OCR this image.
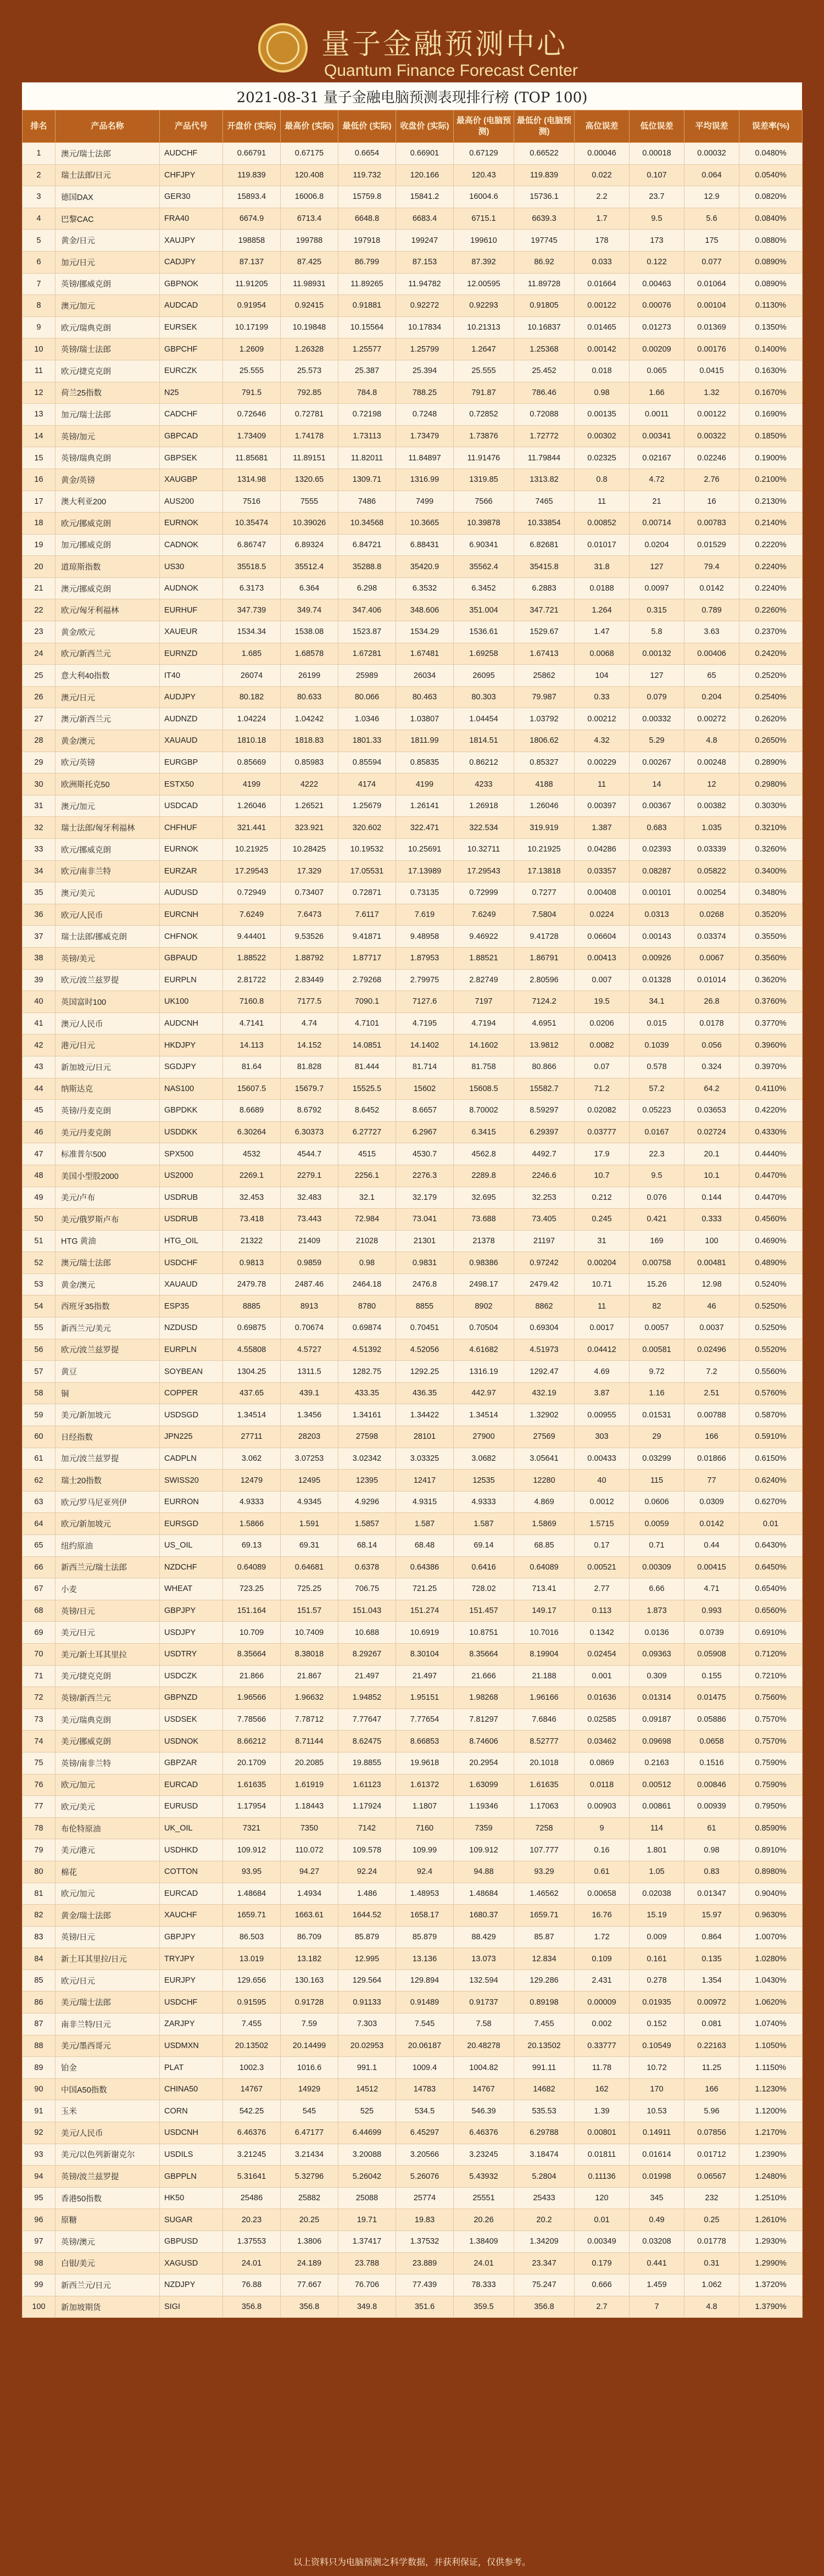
量子金融预测中心
Quantum Finance Forecast Center
2021-08-31 量子金融电脑预测表现排行榜 (TOP 100)
排名	产品名称	产品代号	开盘价 (实际)	最高价 (实际)	最低价 (实际)	收盘价 (实际)	最高价 (电脑预测)	最低价 (电脑预测)	高位误差	低位误差	平均误差	误差率(%)	
1	澳元/瑞士法郎	AUDCHF	0.66791	0.67175	0.6654	0.66901	0.67129	0.66522	0.00046	0.00018	0.00032	0.0480%	
2	瑞士法郎/日元	CHFJPY	119.839	120.408	119.732	120.166	120.43	119.839	0.022	0.107	0.064	0.0540%	
3	德国DAX	GER30	15893.4	16006.8	15759.8	15841.2	16004.6	15736.1	2.2	23.7	12.9	0.0820%	
4	巴黎CAC	FRA40	6674.9	6713.4	6648.8	6683.4	6715.1	6639.3	1.7	9.5	5.6	0.0840%	
5	黄金/日元	XAUJPY	198858	199788	197918	199247	199610	197745	178	173	175	0.0880%	
6	加元/日元	CADJPY	87.137	87.425	86.799	87.153	87.392	86.92	0.033	0.122	0.077	0.0890%	
7	英镑/挪威克朗	GBPNOK	11.91205	11.98931	11.89265	11.94782	12.00595	11.89728	0.01664	0.00463	0.01064	0.0890%	
8	澳元/加元	AUDCAD	0.91954	0.92415	0.91881	0.92272	0.92293	0.91805	0.00122	0.00076	0.00104	0.1130%	
9	欧元/瑞典克朗	EURSEK	10.17199	10.19848	10.15564	10.17834	10.21313	10.16837	0.01465	0.01273	0.01369	0.1350%	
10	英镑/瑞士法郎	GBPCHF	1.2609	1.26328	1.25577	1.25799	1.2647	1.25368	0.00142	0.00209	0.00176	0.1400%	
11	欧元/捷克克朗	EURCZK	25.555	25.573	25.387	25.394	25.555	25.452	0.018	0.065	0.0415	0.1630%	
12	荷兰25指数	N25	791.5	792.85	784.8	788.25	791.87	786.46	0.98	1.66	1.32	0.1670%	
13	加元/瑞士法郎	CADCHF	0.72646	0.72781	0.72198	0.7248	0.72852	0.72088	0.00135	0.0011	0.00122	0.1690%	
14	英镑/加元	GBPCAD	1.73409	1.74178	1.73113	1.73479	1.73876	1.72772	0.00302	0.00341	0.00322	0.1850%	
15	英镑/瑞典克朗	GBPSEK	11.85681	11.89151	11.82011	11.84897	11.91476	11.79844	0.02325	0.02167	0.02246	0.1900%	
16	黄金/英镑	XAUGBP	1314.98	1320.65	1309.71	1316.99	1319.85	1313.82	0.8	4.72	2.76	0.2100%	
17	澳大利亚200	AUS200	7516	7555	7486	7499	7566	7465	11	21	16	0.2130%	
18	欧元/挪威克朗	EURNOK	10.35474	10.39026	10.34568	10.3665	10.39878	10.33854	0.00852	0.00714	0.00783	0.2140%	
19	加元/挪威克朗	CADNOK	6.86747	6.89324	6.84721	6.88431	6.90341	6.82681	0.01017	0.0204	0.01529	0.2220%	
20	道琼斯指数	US30	35518.5	35512.4	35288.8	35420.9	35562.4	35415.8	31.8	127	79.4	0.2240%	
21	澳元/挪威克朗	AUDNOK	6.3173	6.364	6.298	6.3532	6.3452	6.2883	0.0188	0.0097	0.0142	0.2240%	
22	欧元/匈牙利福林	EURHUF	347.739	349.74	347.406	348.606	351.004	347.721	1.264	0.315	0.789	0.2260%	
23	黄金/欧元	XAUEUR	1534.34	1538.08	1523.87	1534.29	1536.61	1529.67	1.47	5.8	3.63	0.2370%	
24	欧元/新西兰元	EURNZD	1.685	1.68578	1.67281	1.67481	1.69258	1.67413	0.0068	0.00132	0.00406	0.2420%	
25	意大利40指数	IT40	26074	26199	25989	26034	26095	25862	104	127	65	0.2520%	
26	澳元/日元	AUDJPY	80.182	80.633	80.066	80.463	80.303	79.987	0.33	0.079	0.204	0.2540%	
27	澳元/新西兰元	AUDNZD	1.04224	1.04242	1.0346	1.03807	1.04454	1.03792	0.00212	0.00332	0.00272	0.2620%	
28	黄金/澳元	XAUAUD	1810.18	1818.83	1801.33	1811.99	1814.51	1806.62	4.32	5.29	4.8	0.2650%	
29	欧元/英镑	EURGBP	0.85669	0.85983	0.85594	0.85835	0.86212	0.85327	0.00229	0.00267	0.00248	0.2890%	
30	欧洲斯托克50	ESTX50	4199	4222	4174	4199	4233	4188	11	14	12	0.2980%	
31	澳元/加元	USDCAD	1.26046	1.26521	1.25679	1.26141	1.26918	1.26046	0.00397	0.00367	0.00382	0.3030%	
32	瑞士法郎/匈牙利福林	CHFHUF	321.441	323.921	320.602	322.471	322.534	319.919	1.387	0.683	1.035	0.3210%	
33	欧元/挪威克朗	EURNOK	10.21925	10.28425	10.19532	10.25691	10.32711	10.21925	0.04286	0.02393	0.03339	0.3260%	
34	欧元/南非兰特	EURZAR	17.29543	17.329	17.05531	17.13989	17.29543	17.13818	0.03357	0.08287	0.05822	0.3400%	
35	澳元/美元	AUDUSD	0.72949	0.73407	0.72871	0.73135	0.72999	0.7277	0.00408	0.00101	0.00254	0.3480%	
36	欧元/人民币	EURCNH	7.6249	7.6473	7.6117	7.619	7.6249	7.5804	0.0224	0.0313	0.0268	0.3520%	
37	瑞士法郎/挪威克朗	CHFNOK	9.44401	9.53526	9.41871	9.48958	9.46922	9.41728	0.06604	0.00143	0.03374	0.3550%	
38	英镑/美元	GBPAUD	1.88522	1.88792	1.87717	1.87953	1.88521	1.86791	0.00413	0.00926	0.0067	0.3560%	
39	欧元/波兰兹罗提	EURPLN	2.81722	2.83449	2.79268	2.79975	2.82749	2.80596	0.007	0.01328	0.01014	0.3620%	
40	英国富时100	UK100	7160.8	7177.5	7090.1	7127.6	7197	7124.2	19.5	34.1	26.8	0.3760%	
41	澳元/人民币	AUDCNH	4.7141	4.74	4.7101	4.7195	4.7194	4.6951	0.0206	0.015	0.0178	0.3770%	
42	港元/日元	HKDJPY	14.113	14.152	14.0851	14.1402	14.1602	13.9812	0.0082	0.1039	0.056	0.3960%	
43	新加坡元/日元	SGDJPY	81.64	81.828	81.444	81.714	81.758	80.866	0.07	0.578	0.324	0.3970%	
44	纳斯达克	NAS100	15607.5	15679.7	15525.5	15602	15608.5	15582.7	71.2	57.2	64.2	0.4110%	
45	英镑/丹麦克朗	GBPDKK	8.6689	8.6792	8.6452	8.6657	8.70002	8.59297	0.02082	0.05223	0.03653	0.4220%	
46	美元/丹麦克朗	USDDKK	6.30264	6.30373	6.27727	6.2967	6.3415	6.29397	0.03777	0.0167	0.02724	0.4330%	
47	标准普尔500	SPX500	4532	4544.7	4515	4530.7	4562.8	4492.7	17.9	22.3	20.1	0.4440%	
48	美国小型股2000	US2000	2269.1	2279.1	2256.1	2276.3	2289.8	2246.6	10.7	9.5	10.1	0.4470%	
49	美元/卢布	USDRUB	32.453	32.483	32.1	32.179	32.695	32.253	0.212	0.076	0.144	0.4470%	
50	美元/俄罗斯卢布	USDRUB	73.418	73.443	72.984	73.041	73.688	73.405	0.245	0.421	0.333	0.4560%	
51	HTG 黄油	HTG_OIL	21322	21409	21028	21301	21378	21197	31	169	100	0.4690%	
52	澳元/瑞士法郎	USDCHF	0.9813	0.9859	0.98	0.9831	0.98386	0.97242	0.00204	0.00758	0.00481	0.4890%	
53	黄金/澳元	XAUAUD	2479.78	2487.46	2464.18	2476.8	2498.17	2479.42	10.71	15.26	12.98	0.5240%	
54	西班牙35指数	ESP35	8885	8913	8780	8855	8902	8862	11	82	46	0.5250%	
55	新西兰元/美元	NZDUSD	0.69875	0.70674	0.69874	0.70451	0.70504	0.69304	0.0017	0.0057	0.0037	0.5250%	
56	欧元/波兰兹罗提	EURPLN	4.55808	4.5727	4.51392	4.52056	4.61682	4.51973	0.04412	0.00581	0.02496	0.5520%	
57	黄豆	SOYBEAN	1304.25	1311.5	1282.75	1292.25	1316.19	1292.47	4.69	9.72	7.2	0.5560%	
58	铜	COPPER	437.65	439.1	433.35	436.35	442.97	432.19	3.87	1.16	2.51	0.5760%	
59	美元/新加坡元	USDSGD	1.34514	1.3456	1.34161	1.34422	1.34514	1.32902	0.00955	0.01531	0.00788	0.5870%	
60	日经指数	JPN225	27711	28203	27598	28101	27900	27569	303	29	166	0.5910%	
61	加元/波兰兹罗提	CADPLN	3.062	3.07253	3.02342	3.03325	3.0682	3.05641	0.00433	0.03299	0.01866	0.6150%	
62	瑞士20指数	SWISS20	12479	12495	12395	12417	12535	12280	40	115	77	0.6240%	
63	欧元/罗马尼亚列伊	EURRON	4.9333	4.9345	4.9296	4.9315	4.9333	4.869	0.0012	0.0606	0.0309	0.6270%	
64	欧元/新加坡元	EURSGD	1.5866	1.591	1.5857	1.587	1.587	1.5869	1.5715	0.0059	0.0142	0.01	
65	纽约原油	US_OIL	69.13	69.31	68.14	68.48	69.14	68.85	0.17	0.71	0.44	0.6430%	
66	新西兰元/瑞士法郎	NZDCHF	0.64089	0.64681	0.6378	0.64386	0.6416	0.64089	0.00521	0.00309	0.00415	0.6450%	
67	小麦	WHEAT	723.25	725.25	706.75	721.25	728.02	713.41	2.77	6.66	4.71	0.6540%	
68	英镑/日元	GBPJPY	151.164	151.57	151.043	151.274	151.457	149.17	0.113	1.873	0.993	0.6560%	
69	美元/日元	USDJPY	10.709	10.7409	10.688	10.6919	10.8751	10.7016	0.1342	0.0136	0.0739	0.6910%	
70	美元/新土耳其里拉	USDTRY	8.35664	8.38018	8.29267	8.30104	8.35664	8.19904	0.02454	0.09363	0.05908	0.7120%	
71	美元/捷克克朗	USDCZK	21.866	21.867	21.497	21.497	21.666	21.188	0.001	0.309	0.155	0.7210%	
72	英镑/新西兰元	GBPNZD	1.96566	1.96632	1.94852	1.95151	1.98268	1.96166	0.01636	0.01314	0.01475	0.7560%	
73	美元/瑞典克朗	USDSEK	7.78566	7.78712	7.77647	7.77654	7.81297	7.6846	0.02585	0.09187	0.05886	0.7570%	
74	美元/挪威克朗	USDNOK	8.66212	8.71144	8.62475	8.66853	8.74606	8.52777	0.03462	0.09698	0.0658	0.7570%	
75	英镑/南非兰特	GBPZAR	20.1709	20.2085	19.8855	19.9618	20.2954	20.1018	0.0869	0.2163	0.1516	0.7590%	
76	欧元/加元	EURCAD	1.61635	1.61919	1.61123	1.61372	1.63099	1.61635	0.0118	0.00512	0.00846	0.7590%	
77	欧元/美元	EURUSD	1.17954	1.18443	1.17924	1.1807	1.19346	1.17063	0.00903	0.00861	0.00939	0.7950%	
78	布伦特原油	UK_OIL	7321	7350	7142	7160	7359	7258	9	114	61	0.8590%	
79	美元/港元	USDHKD	109.912	110.072	109.578	109.99	109.912	107.777	0.16	1.801	0.98	0.8910%	
80	棉花	COTTON	93.95	94.27	92.24	92.4	94.88	93.29	0.61	1.05	0.83	0.8980%	
81	欧元/加元	EURCAD	1.48684	1.4934	1.486	1.48953	1.48684	1.46562	0.00658	0.02038	0.01347	0.9040%	
82	黄金/瑞士法郎	XAUCHF	1659.71	1663.61	1644.52	1658.17	1680.37	1659.71	16.76	15.19	15.97	0.9630%	
83	英镑/日元	GBPJPY	86.503	86.709	85.879	85.879	88.429	85.87	1.72	0.009	0.864	1.0070%	
84	新土耳其里拉/日元	TRYJPY	13.019	13.182	12.995	13.136	13.073	12.834	0.109	0.161	0.135	1.0280%	
85	欧元/日元	EURJPY	129.656	130.163	129.564	129.894	132.594	129.286	2.431	0.278	1.354	1.0430%	
86	美元/瑞士法郎	USDCHF	0.91595	0.91728	0.91133	0.91489	0.91737	0.89198	0.00009	0.01935	0.00972	1.0620%	
87	南非兰特/日元	ZARJPY	7.455	7.59	7.303	7.545	7.58	7.455	0.002	0.152	0.081	1.0740%	
88	美元/墨西哥元	USDMXN	20.13502	20.14499	20.02953	20.06187	20.48278	20.13502	0.33777	0.10549	0.22163	1.1050%	
89	铂金	PLAT	1002.3	1016.6	991.1	1009.4	1004.82	991.11	11.78	10.72	11.25	1.1150%	
90	中国A50指数	CHINA50	14767	14929	14512	14783	14767	14682	162	170	166	1.1230%	
91	玉米	CORN	542.25	545	525	534.5	546.39	535.53	1.39	10.53	5.96	1.1200%	
92	美元/人民币	USDCNH	6.46376	6.47177	6.44699	6.45297	6.46376	6.29788	0.00801	0.14911	0.07856	1.2170%	
93	美元/以色列新谢克尔	USDILS	3.21245	3.21434	3.20088	3.20566	3.23245	3.18474	0.01811	0.01614	0.01712	1.2390%	
94	英镑/波兰兹罗提	GBPPLN	5.31641	5.32796	5.26042	5.26076	5.43932	5.2804	0.11136	0.01998	0.06567	1.2480%	
95	香港50指数	HK50	25486	25882	25088	25774	25551	25433	120	345	232	1.2510%	
96	原糖	SUGAR	20.23	20.25	19.71	19.83	20.26	20.2	0.01	0.49	0.25	1.2610%	
97	英镑/澳元	GBPUSD	1.37553	1.3806	1.37417	1.37532	1.38409	1.34209	0.00349	0.03208	0.01778	1.2930%	
98	白银/美元	XAGUSD	24.01	24.189	23.788	23.889	24.01	23.347	0.179	0.441	0.31	1.2990%	
99	新西兰元/日元	NZDJPY	76.88	77.667	76.706	77.439	78.333	75.247	0.666	1.459	1.062	1.3720%	
100	新加坡期货	SIGI	356.8	356.8	349.8	351.6	359.5	356.8	2.7	7	4.8	1.3790%	
以上资料只为电脑预测之科学数据，并获利保证，仅供参考。
